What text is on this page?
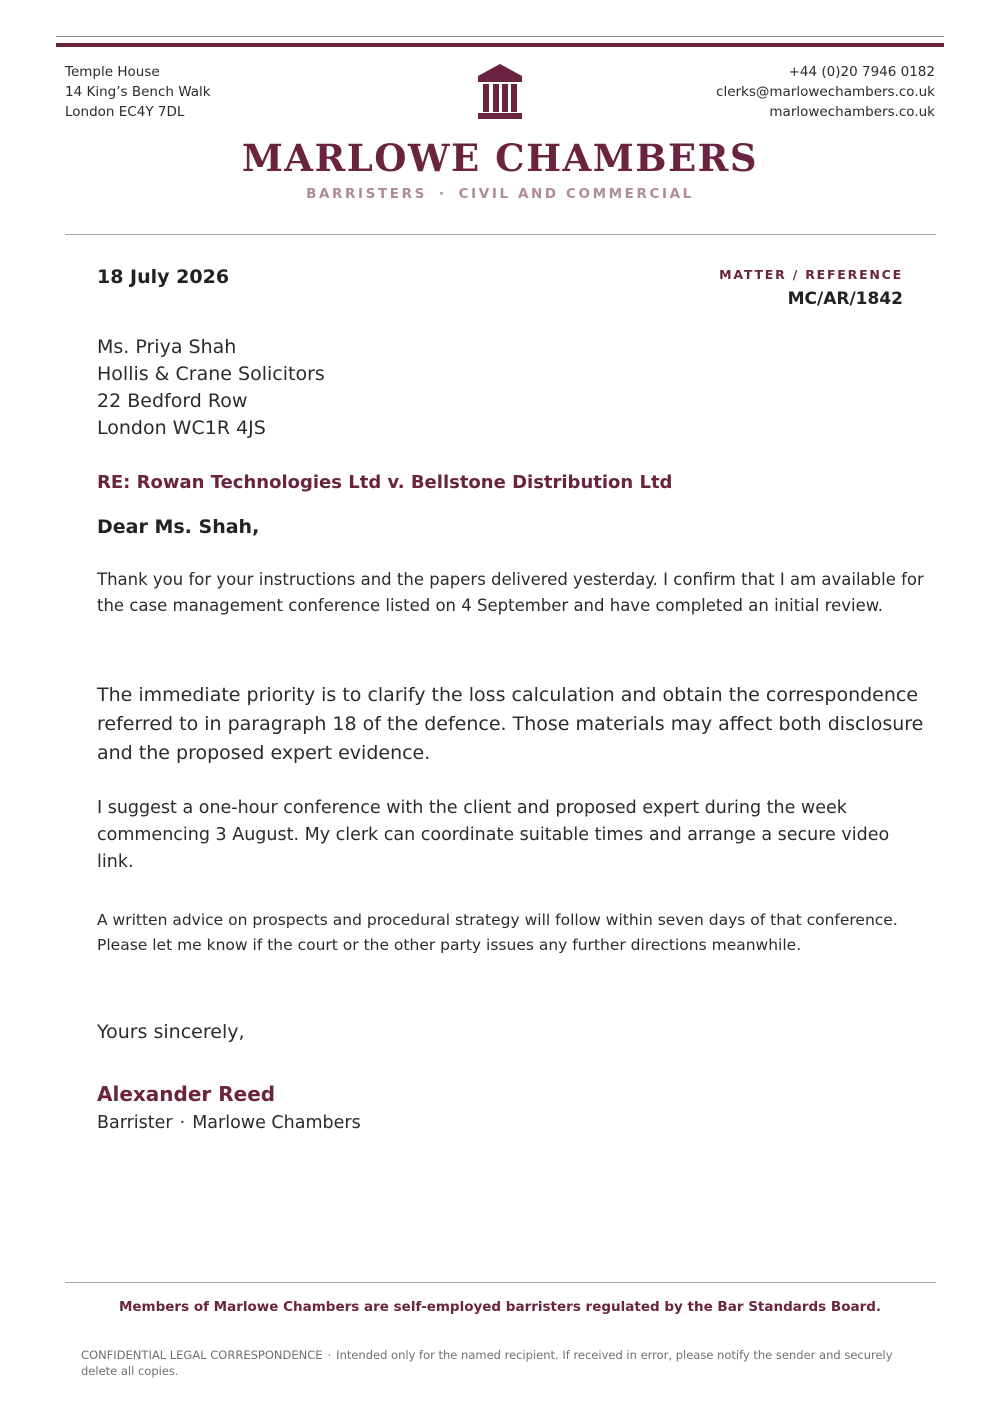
Temple House
14 King’s Bench Walk
London EC4Y 7DL
+44 (0)20 7946 0182
clerks@marlowechambers.co.uk
marlowechambers.co.uk
MARLOWE CHAMBERS
BARRISTERS · CIVIL AND COMMERCIAL
18 July 2026	MATTER / REFERENCE
MC/AR/1842
Ms. Priya Shah
Hollis & Crane Solicitors
22 Bedford Row
London WC1R 4JS
RE: Rowan Technologies Ltd v. Bellstone Distribution Ltd
Dear Ms. Shah,
Thank you for your instructions and the papers delivered yesterday. I confirm that I am available for the case management conference listed on 4 September and have completed an initial review.
The immediate priority is to clarify the loss calculation and obtain the correspondence referred to in paragraph 18 of the defence. Those materials may affect both disclosure and the proposed expert evidence.
I suggest a one-hour conference with the client and proposed expert during the week commencing 3 August. My clerk can coordinate suitable times and arrange a secure video link.
A written advice on prospects and procedural strategy will follow within seven days of that conference. Please let me know if the court or the other party issues any further directions meanwhile.
Yours sincerely,
Alexander Reed
Barrister · Marlowe Chambers
Members of Marlowe Chambers are self-employed barristers regulated by the Bar Standards Board.
CONFIDENTIAL LEGAL CORRESPONDENCE · Intended only for the named recipient. If received in error, please notify the sender and securely delete all copies.
